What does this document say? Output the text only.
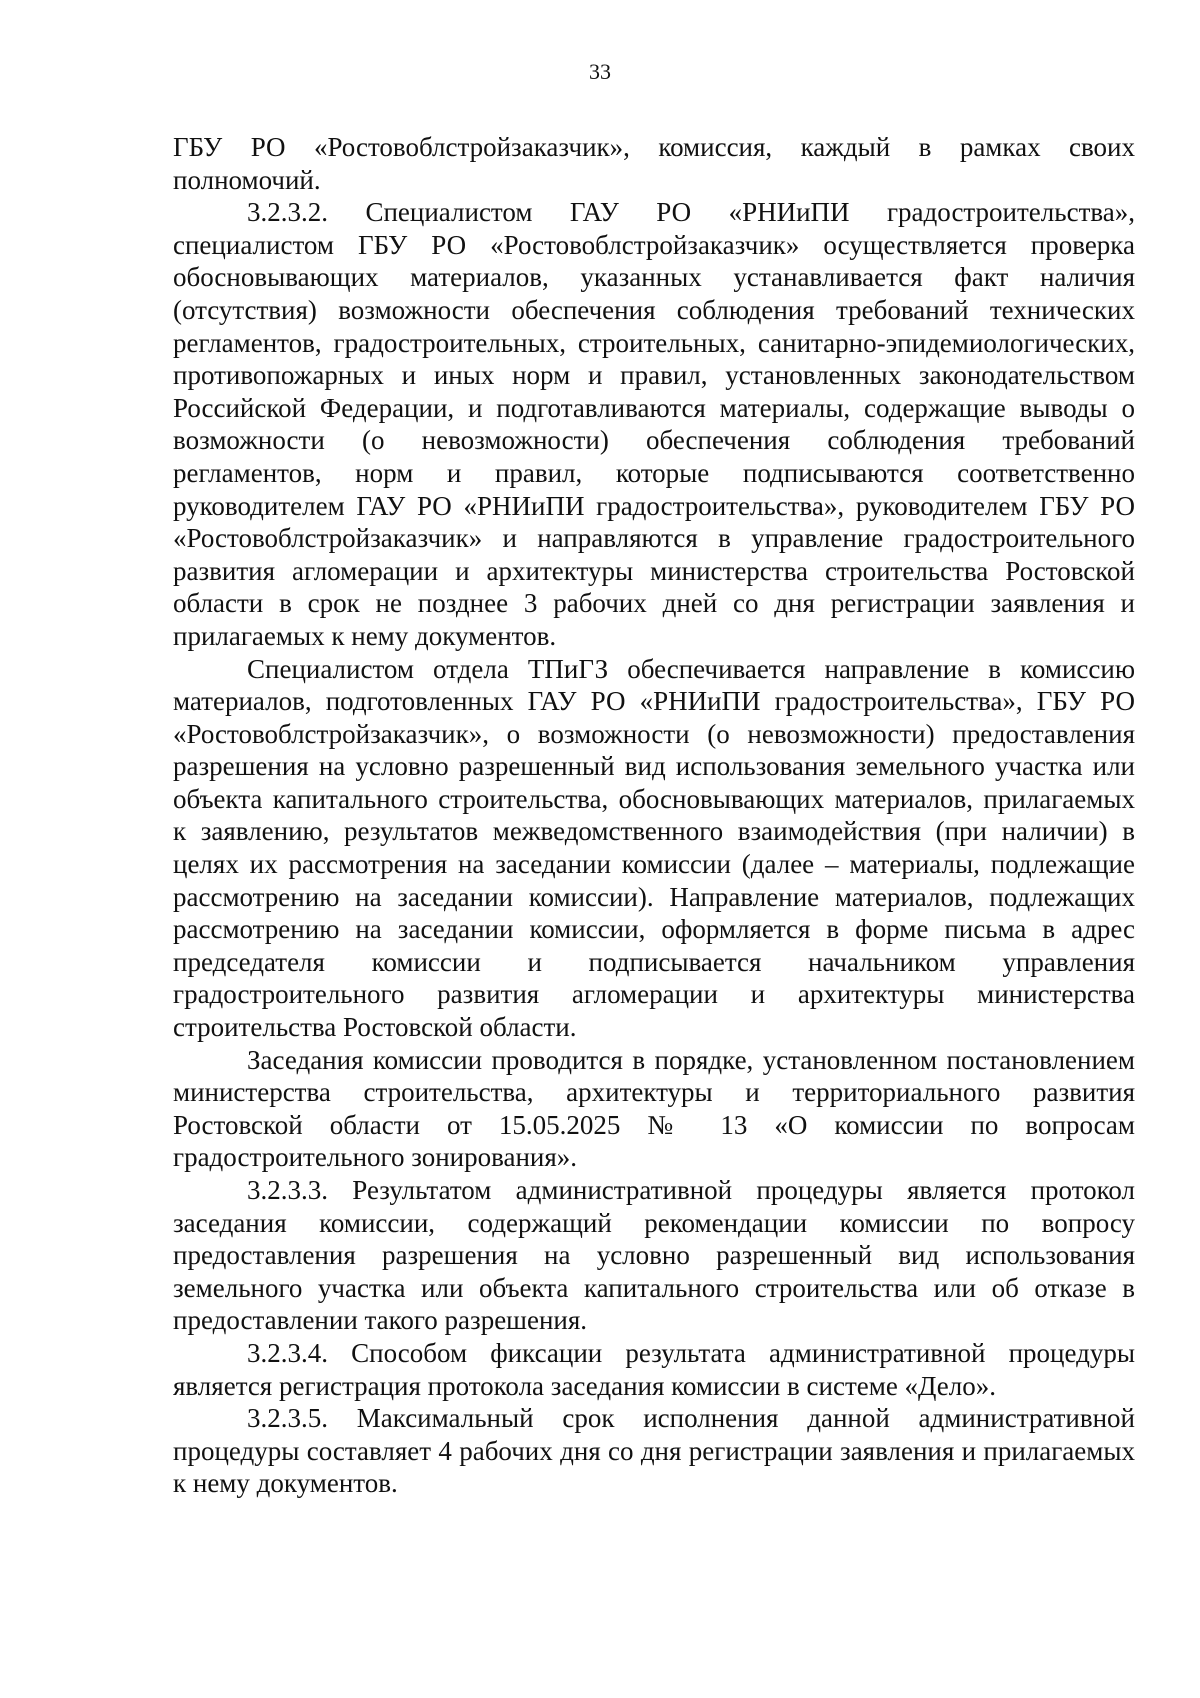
33

ГБУ РО «Ростовоблстройзаказчик», комиссия, каждый в рамках своих полномочий.

3.2.3.2. Специалистом ГАУ РО «РНИиПИ градостроительства», специалистом ГБУ РО «Ростовоблстройзаказчик» осуществляется проверка обосновывающих материалов, указанных устанавливается факт наличия (отсутствия) возможности обеспечения соблюдения требований технических регламентов, градостроительных, строительных, санитарно-эпидемиологических, противопожарных и иных норм и правил, установленных законодательством Российской Федерации, и подготавливаются материалы, содержащие выводы о возможности (о невозможности) обеспечения соблюдения требований регламентов, норм и правил, которые подписываются соответственно руководителем ГАУ РО «РНИиПИ градостроительства», руководителем ГБУ РО «Ростовоблстройзаказчик» и направляются в управление градостроительного развития агломерации и архитектуры министерства строительства Ростовской области в срок не позднее 3 рабочих дней со дня регистрации заявления и прилагаемых к нему документов.

Специалистом отдела ТПиГЗ обеспечивается направление в комиссию материалов, подготовленных ГАУ РО «РНИиПИ градостроительства», ГБУ РО «Ростовоблстройзаказчик», о возможности (о невозможности) предоставления разрешения на условно разрешенный вид использования земельного участка или объекта капитального строительства, обосновывающих материалов, прилагаемых к заявлению, результатов межведомственного взаимодействия (при наличии) в целях их рассмотрения на заседании комиссии (далее – материалы, подлежащие рассмотрению на заседании комиссии). Направление материалов, подлежащих рассмотрению на заседании комиссии, оформляется в форме письма в адрес председателя комиссии и подписывается начальником управления градостроительного развития агломерации и архитектуры министерства строительства Ростовской области.

Заседания комиссии проводится в порядке, установленном постановлением министерства строительства, архитектуры и территориального развития Ростовской области от 15.05.2025 № 13 «О комиссии по вопросам градостроительного зонирования».

3.2.3.3. Результатом административной процедуры является протокол заседания комиссии, содержащий рекомендации комиссии по вопросу предоставления разрешения на условно разрешенный вид использования земельного участка или объекта капитального строительства или об отказе в предоставлении такого разрешения.

3.2.3.4. Способом фиксации результата административной процедуры является регистрация протокола заседания комиссии в системе «Дело».

3.2.3.5. Максимальный срок исполнения данной административной процедуры составляет 4 рабочих дня со дня регистрации заявления и прилагаемых к нему документов.
